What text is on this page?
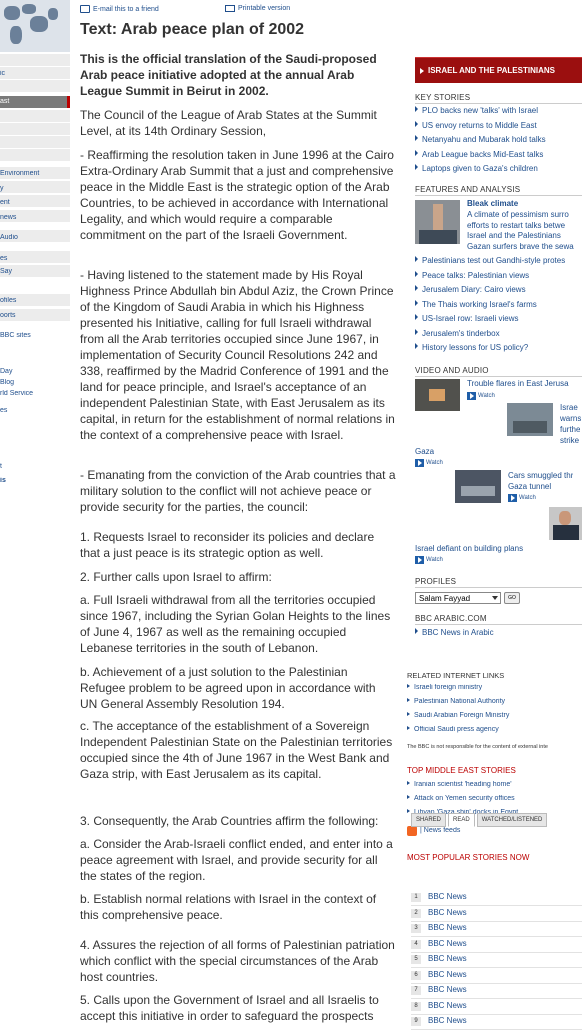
ic
ast
Environment
y
ent
news
Audio
es
Say
ofiles
oorts
BBC sites
Day
Blog
rld Service
es
t
is
E-mail this to a friend	Printable version
Text: Arab peace plan of 2002

This is the official translation of the Saudi-proposed Arab peace initiative adopted at the annual Arab League Summit in Beirut in 2002.

The Council of the League of Arab States at the Summit Level, at its 14th Ordinary Session,

- Reaffirming the resolution taken in June 1996 at the Cairo Extra-Ordinary Arab Summit that a just and comprehensive peace in the Middle East is the strategic option of the Arab Countries, to be achieved in accordance with International Legality, and which would require a comparable commitment on the part of the Israeli Government.

- Having listened to the statement made by His Royal Highness Prince Abdullah bin Abdul Aziz, the Crown Prince of the Kingdom of Saudi Arabia in which his Highness presented his Initiative, calling for full Israeli withdrawal from all the Arab territories occupied since June 1967, in implementation of Security Council Resolutions 242 and 338, reaffirmed by the Madrid Conference of 1991 and the land for peace principle, and Israel's acceptance of an independent Palestinian State, with East Jerusalem as its capital, in return for the establishment of normal relations in the context of a comprehensive peace with Israel.

- Emanating from the conviction of the Arab countries that a military solution to the conflict will not achieve peace or provide security for the parties, the council:

1. Requests Israel to reconsider its policies and declare that a just peace is its strategic option as well.

2. Further calls upon Israel to affirm:

a. Full Israeli withdrawal from all the territories occupied since 1967, including the Syrian Golan Heights to the lines of June 4, 1967 as well as the remaining occupied Lebanese territories in the south of Lebanon.

b. Achievement of a just solution to the Palestinian Refugee problem to be agreed upon in accordance with UN General Assembly Resolution 194.

c. The acceptance of the establishment of a Sovereign Independent Palestinian State on the Palestinian territories occupied since the 4th of June 1967 in the West Bank and Gaza strip, with East Jerusalem as its capital.

3. Consequently, the Arab Countries affirm the following:

a. Consider the Arab-Israeli conflict ended, and enter into a peace agreement with Israel, and provide security for all the states of the region.

b. Establish normal relations with Israel in the context of this comprehensive peace.

4. Assures the rejection of all forms of Palestinian patriation which conflict with the special circumstances of the Arab host countries.

5. Calls upon the Government of Israel and all Israelis to accept this initiative in order to safeguard the prospects

ISRAEL AND THE PALESTINIANS
KEY STORIES
PLO backs new 'talks' with Israel
US envoy returns to Middle East
Netanyahu and Mubarak hold talks
Arab League backs Mid-East talks
Laptops given to Gaza's children
FEATURES AND ANALYSIS
Bleak climate
A climate of pessimism surro
efforts to restart talks betwe
Israel and the Palestinians
Gazan surfers brave the sewa
Palestinians test out Gandhi-style protes
Peace talks: Palestinian views
Jerusalem Diary: Cairo views
The Thais working Israel's farms
US-Israel row: Israeli views
Jerusalem's tinderbox
History lessons for US policy?
VIDEO AND AUDIO
Trouble flares in East Jerusa
Watch
Israe
warns
furthe
strike
Gaza
Watch
Cars smuggled thr
Gaza tunnel
Watch
Israel defiant on building plans
Watch
PROFILES
Salam Fayyad	GO
BBC ARABIC.COM
BBC News in Arabic
RELATED INTERNET LINKS
Israeli foreign ministry
Palestinian National Authority
Saudi Arabian Foreign Ministry
Official Saudi press agency
The BBC is not responsible for the content of external inte
TOP MIDDLE EAST STORIES
Iranian scientist 'heading home'
Attack on Yemen security offices
| News feeds
MOST POPULAR STORIES NOW
SHARED	READ	WATCHED/LISTENED
1	BBC News
2	BBC News
3	BBC News
4	BBC News
5	BBC News
6	BBC News
7	BBC News
8	BBC News
9	BBC News
